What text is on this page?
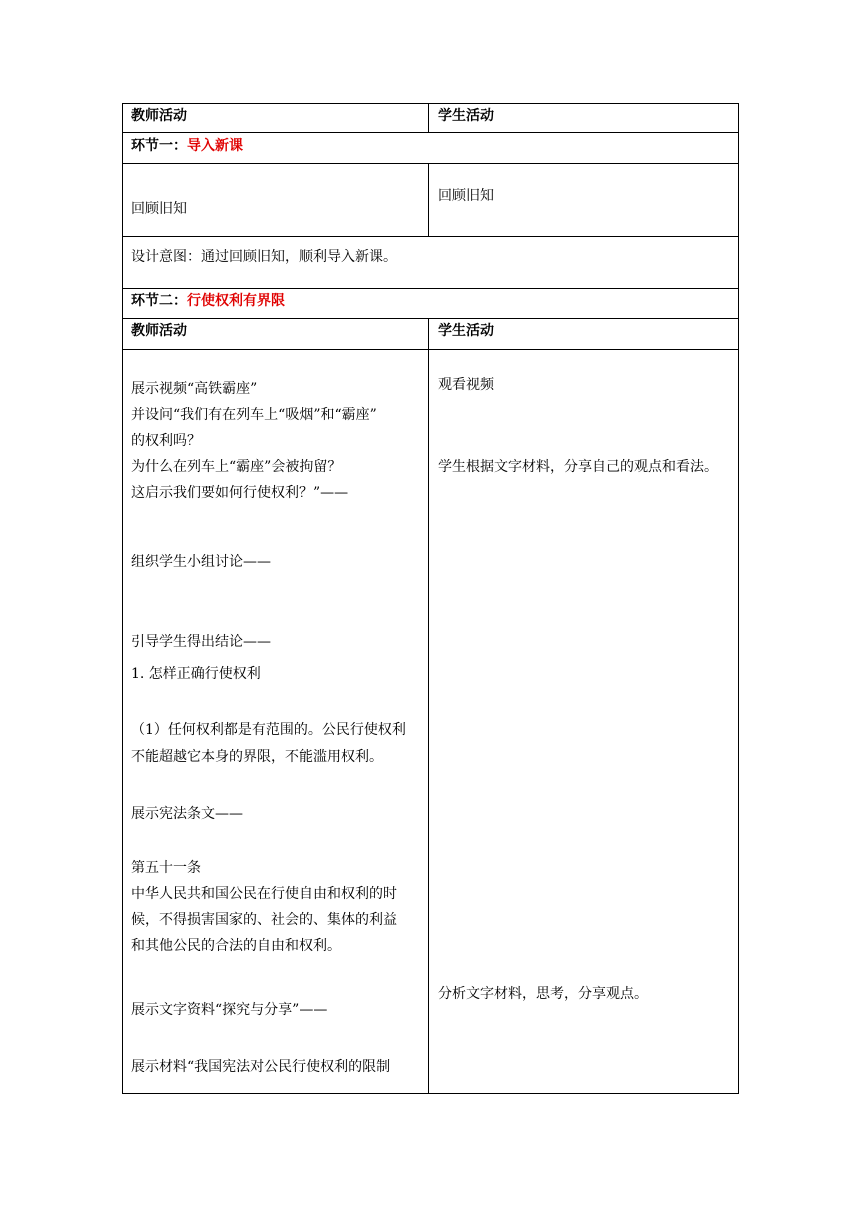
教师活动	学生活动
环节一：导入新课
回顾旧知
回顾旧知
设计意图：通过回顾旧知，顺利导入新课。
环节二：行使权利有界限
教师活动	学生活动
展示视频“高铁霸座”
并设问“我们有在列车上“吸烟”和“霸座”
的权利吗？
为什么在列车上“霸座”会被拘留？
这启示我们要如何行使权利？”——
组织学生小组讨论——
引导学生得出结论——
1. 怎样正确行使权利
（1）任何权利都是有范围的。公民行使权利
不能超越它本身的界限，不能滥用权利。
展示宪法条文——
第五十一条
中华人民共和国公民在行使自由和权利的时
候，不得损害国家的、社会的、集体的利益
和其他公民的合法的自由和权利。
展示文字资料“探究与分享”——
展示材料“我国宪法对公民行使权利的限制
观看视频
学生根据文字材料，分享自己的观点和看法。
分析文字材料，思考，分享观点。
